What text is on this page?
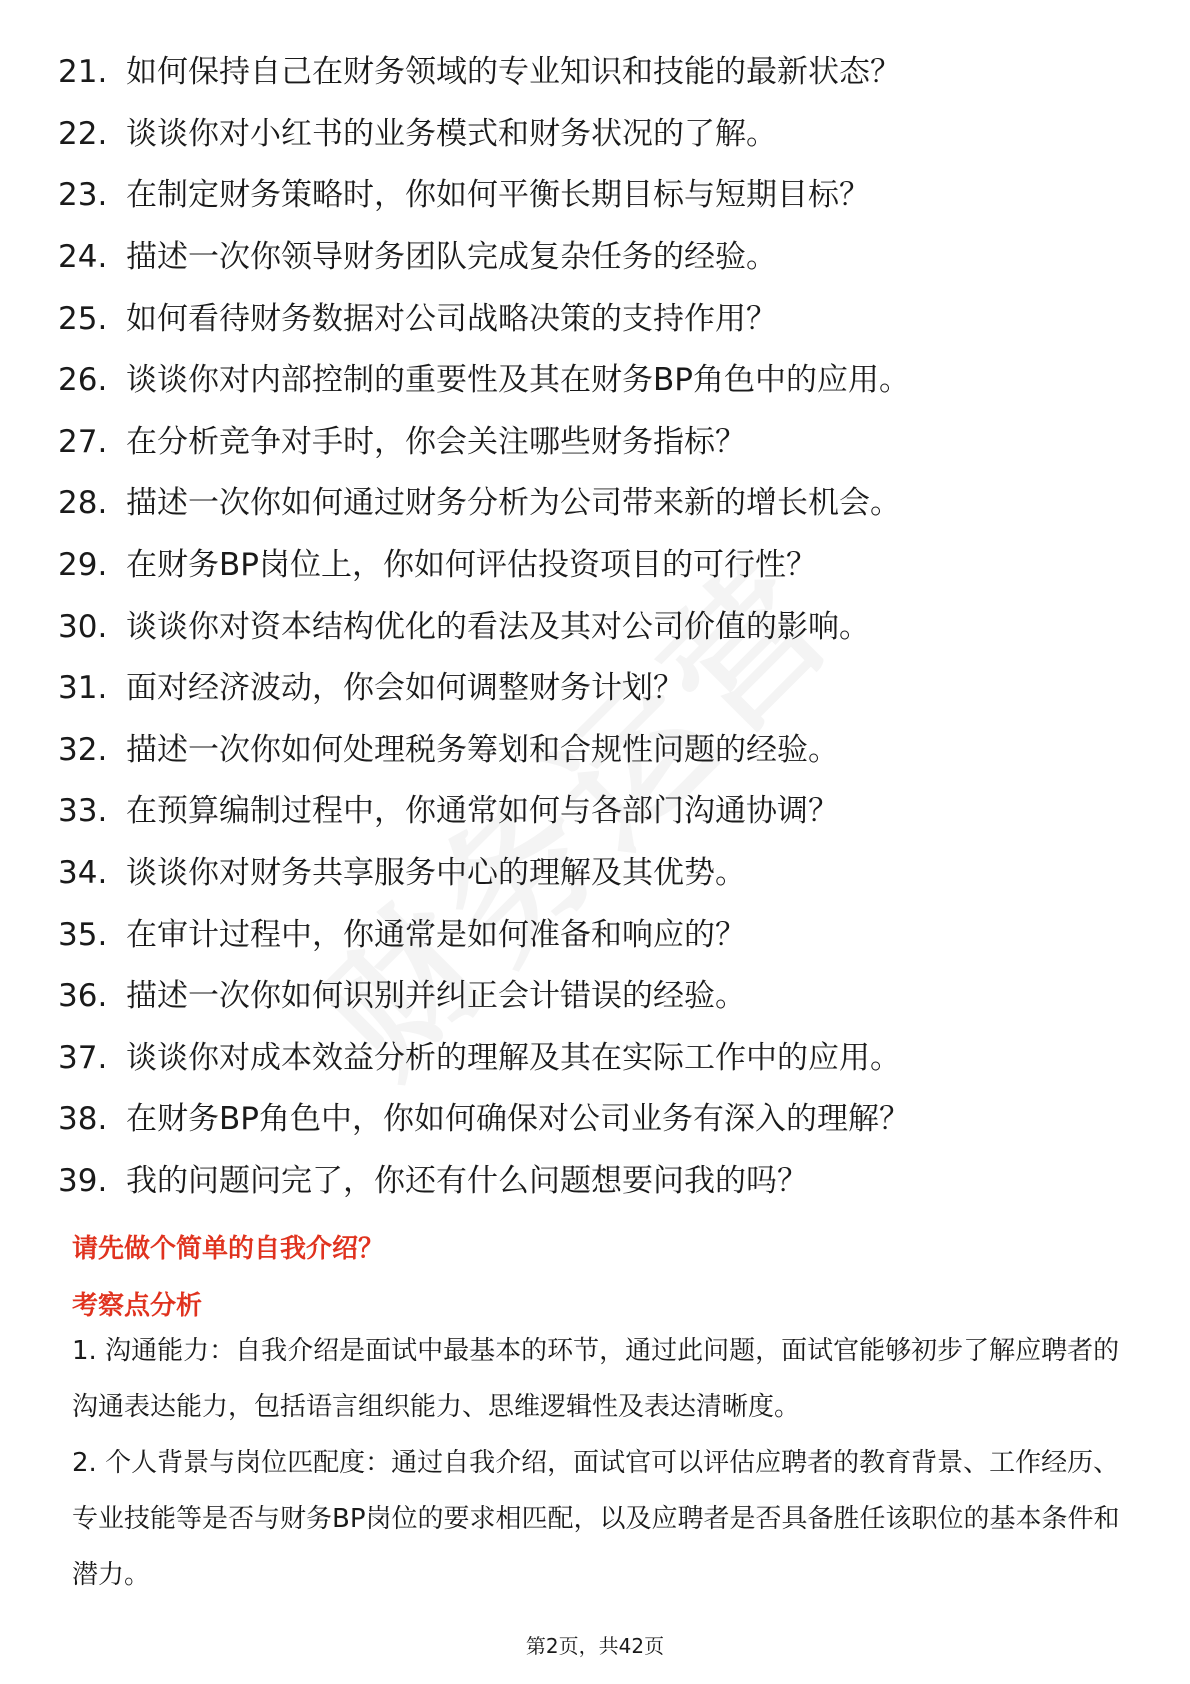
21. 如何保持自己在财务领域的专业知识和技能的最新状态？
22. 谈谈你对小红书的业务模式和财务状况的了解。
23. 在制定财务策略时，你如何平衡长期目标与短期目标？
24. 描述一次你领导财务团队完成复杂任务的经验。
25. 如何看待财务数据对公司战略决策的支持作用？
26. 谈谈你对内部控制的重要性及其在财务BP角色中的应用。
27. 在分析竞争对手时，你会关注哪些财务指标？
28. 描述一次你如何通过财务分析为公司带来新的增长机会。
29. 在财务BP岗位上，你如何评估投资项目的可行性？
30. 谈谈你对资本结构优化的看法及其对公司价值的影响。
31. 面对经济波动，你会如何调整财务计划？
32. 描述一次你如何处理税务筹划和合规性问题的经验。
33. 在预算编制过程中，你通常如何与各部门沟通协调？
34. 谈谈你对财务共享服务中心的理解及其优势。
35. 在审计过程中，你通常是如何准备和响应的？
36. 描述一次你如何识别并纠正会计错误的经验。
37. 谈谈你对成本效益分析的理解及其在实际工作中的应用。
38. 在财务BP角色中，你如何确保对公司业务有深入的理解？
39. 我的问题问完了，你还有什么问题想要问我的吗？
请先做个简单的自我介绍？
考察点分析
1. 沟通能力：自我介绍是面试中最基本的环节，通过此问题，面试官能够初步了解应聘者的沟通表达能力，包括语言组织能力、思维逻辑性及表达清晰度。
2. 个人背景与岗位匹配度：通过自我介绍，面试官可以评估应聘者的教育背景、工作经历、专业技能等是否与财务BP岗位的要求相匹配，以及应聘者是否具备胜任该职位的基本条件和潜力。
第2页，共42页
